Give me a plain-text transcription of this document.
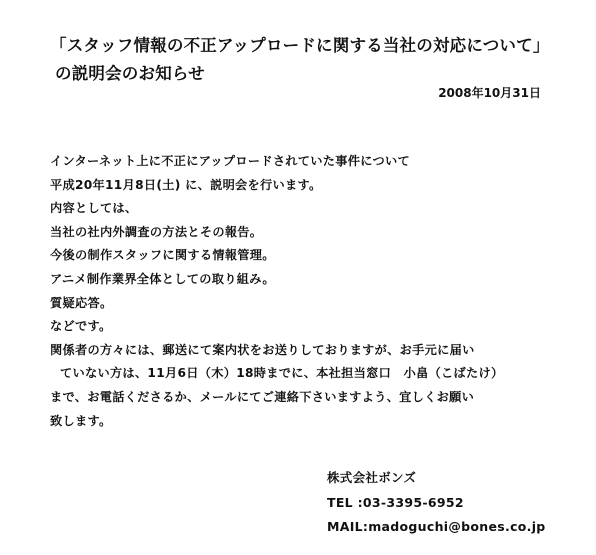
「スタッフ情報の不正アップロードに関する当社の対応について」
の説明会のお知らせ
2008年10月31日
インターネット上に不正にアップロードされていた事件について
平成20年11月8日(土) に、説明会を行います。
内容としては、
当社の社内外調査の方法とその報告。
今後の制作スタッフに関する情報管理。
アニメ制作業界全体としての取り組み。
質疑応答。
などです。
関係者の方々には、郵送にて案内状をお送りしておりますが、お手元に届い
ていない方は、11月6日（木）18時までに、本社担当窓口　小畠（こばたけ）
まで、お電話くださるか、メールにてご連絡下さいますよう、宜しくお願い
致します。
株式会社ボンズ
TEL :03-3395-6952
MAIL:madoguchi@bones.co.jp
